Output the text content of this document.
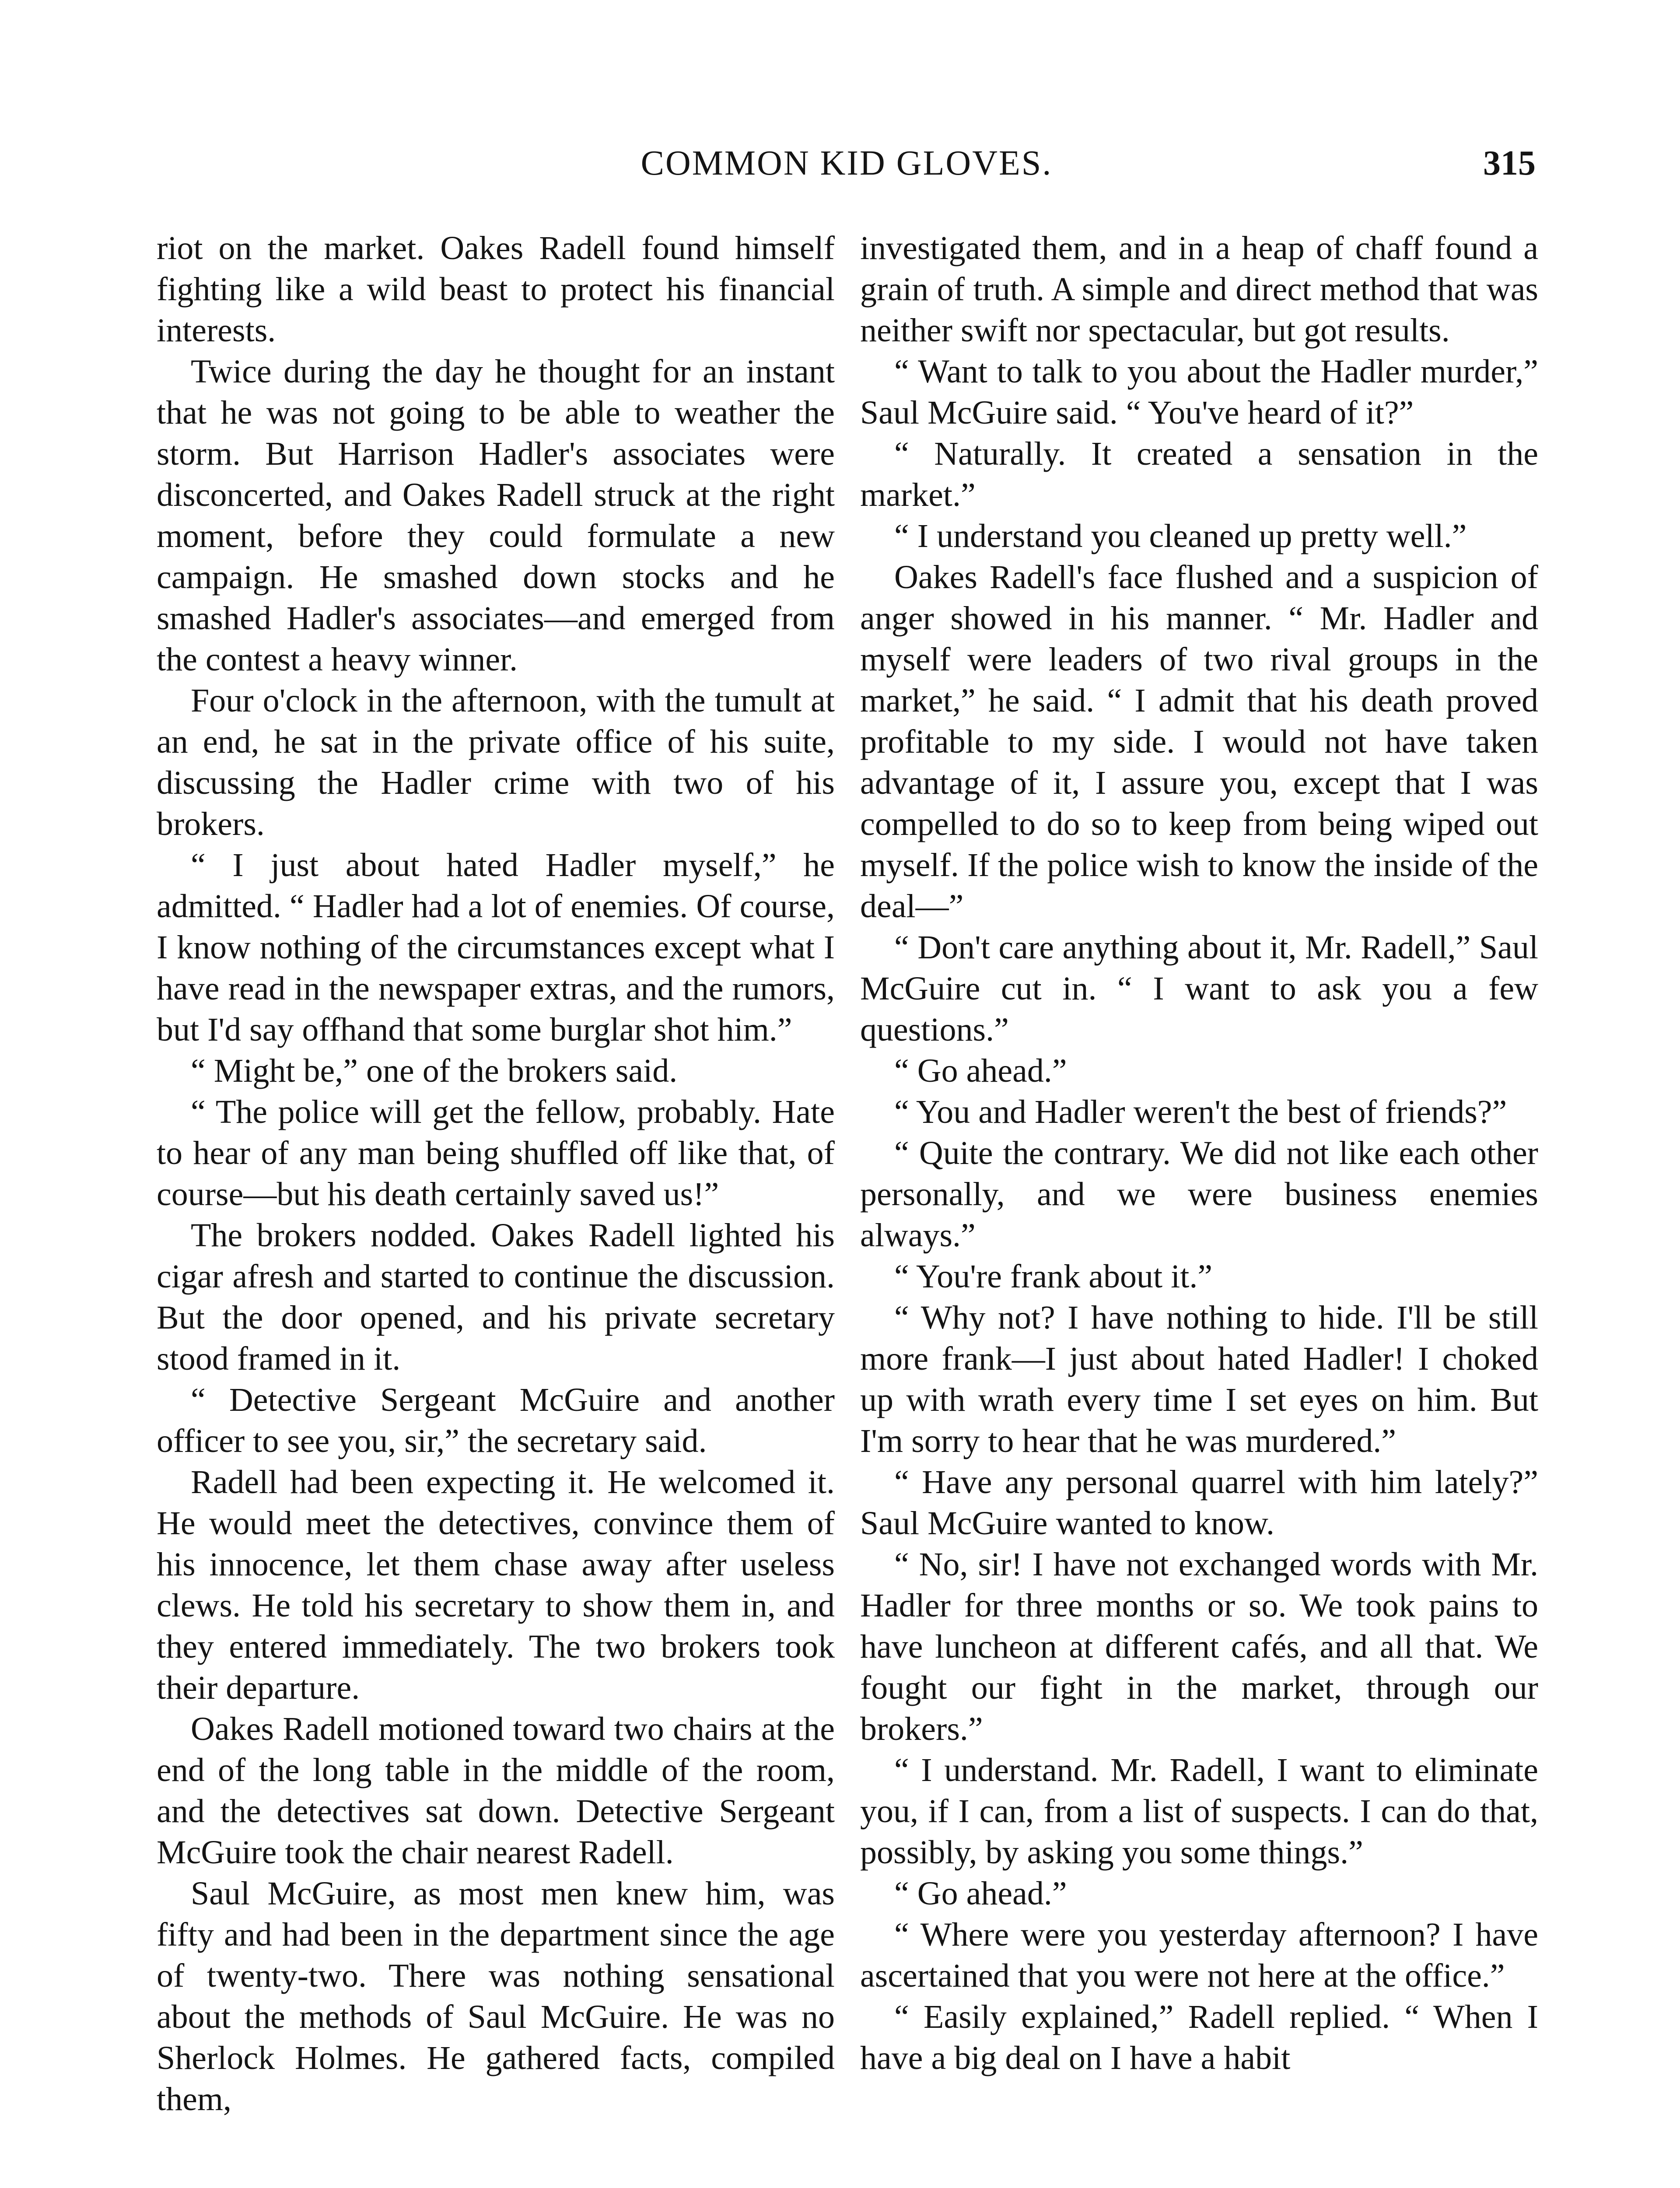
COMMON KID GLOVES.	315

riot on the market. Oakes Radell found himself fighting like a wild beast to protect his financial interests.

Twice during the day he thought for an instant that he was not going to be able to weather the storm. But Harrison Hadler's associates were disconcerted, and Oakes Radell struck at the right moment, before they could formulate a new campaign. He smashed down stocks and he smashed Hadler's associates—and emerged from the contest a heavy winner.

Four o'clock in the afternoon, with the tumult at an end, he sat in the private office of his suite, discussing the Hadler crime with two of his brokers.

“ I just about hated Hadler myself,” he admitted. “ Hadler had a lot of enemies. Of course, I know nothing of the circumstances except what I have read in the newspaper extras, and the rumors, but I'd say offhand that some burglar shot him.”

“ Might be,” one of the brokers said.

“ The police will get the fellow, probably. Hate to hear of any man being shuffled off like that, of course—but his death certainly saved us!”

The brokers nodded. Oakes Radell lighted his cigar afresh and started to continue the discussion. But the door opened, and his private secretary stood framed in it.

“ Detective Sergeant McGuire and another officer to see you, sir,” the secretary said.

Radell had been expecting it. He welcomed it. He would meet the detectives, convince them of his innocence, let them chase away after useless clews. He told his secretary to show them in, and they entered immediately. The two brokers took their departure.

Oakes Radell motioned toward two chairs at the end of the long table in the middle of the room, and the detectives sat down. Detective Sergeant McGuire took the chair nearest Radell.

Saul McGuire, as most men knew him, was fifty and had been in the department since the age of twenty-two. There was nothing sensational about the methods of Saul McGuire. He was no Sherlock Holmes. He gathered facts, compiled them,

investigated them, and in a heap of chaff found a grain of truth. A simple and direct method that was neither swift nor spectacular, but got results.

“ Want to talk to you about the Hadler murder,” Saul McGuire said. “ You've heard of it?”

“ Naturally. It created a sensation in the market.”

“ I understand you cleaned up pretty well.”

Oakes Radell's face flushed and a suspicion of anger showed in his manner. “ Mr. Hadler and myself were leaders of two rival groups in the market,” he said. “ I admit that his death proved profitable to my side. I would not have taken advantage of it, I assure you, except that I was compelled to do so to keep from being wiped out myself. If the police wish to know the inside of the deal—”

“ Don't care anything about it, Mr. Radell,” Saul McGuire cut in. “ I want to ask you a few questions.”

“ Go ahead.”

“ You and Hadler weren't the best of friends?”

“ Quite the contrary. We did not like each other personally, and we were business enemies always.”

“ You're frank about it.”

“ Why not? I have nothing to hide. I'll be still more frank—I just about hated Hadler! I choked up with wrath every time I set eyes on him. But I'm sorry to hear that he was murdered.”

“ Have any personal quarrel with him lately?” Saul McGuire wanted to know.

“ No, sir! I have not exchanged words with Mr. Hadler for three months or so. We took pains to have luncheon at different cafés, and all that. We fought our fight in the market, through our brokers.”

“ I understand. Mr. Radell, I want to eliminate you, if I can, from a list of suspects. I can do that, possibly, by asking you some things.”

“ Go ahead.”

“ Where were you yesterday afternoon? I have ascertained that you were not here at the office.”

“ Easily explained,” Radell replied. “ When I have a big deal on I have a habit
